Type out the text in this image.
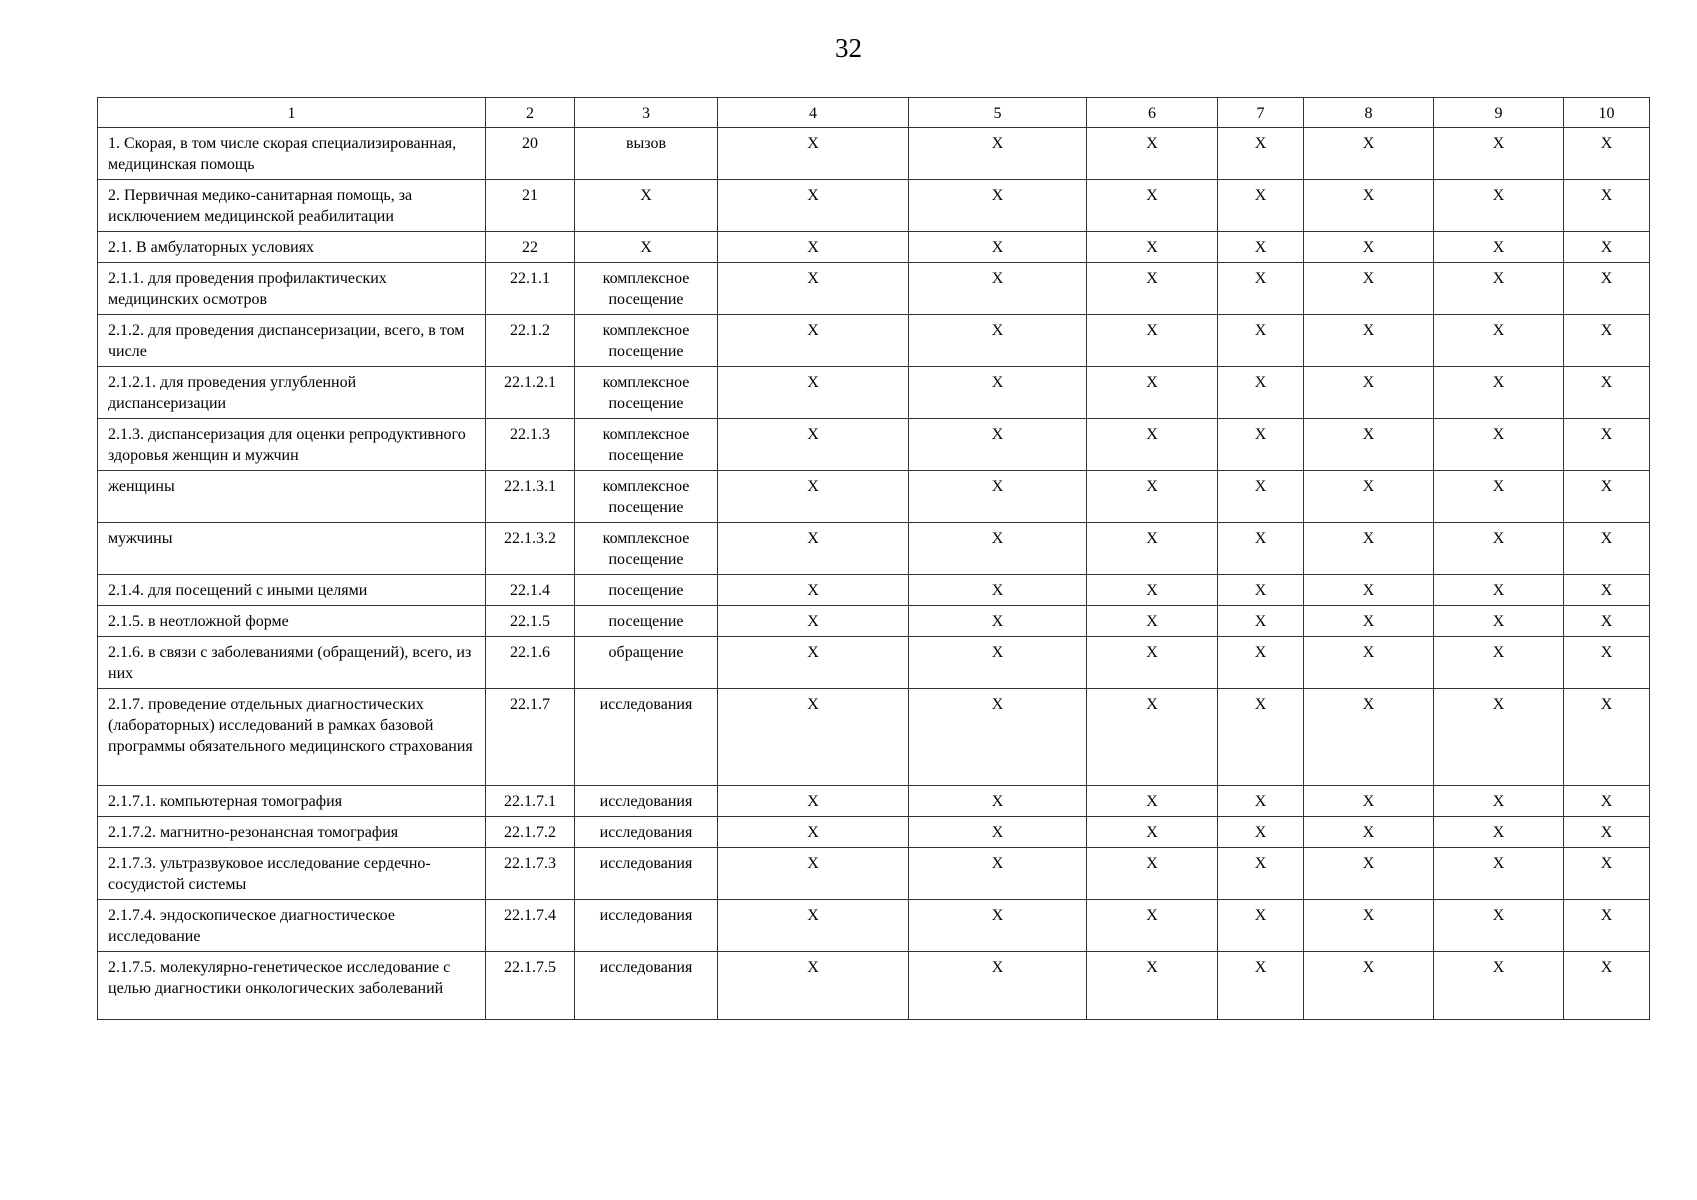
32
1	2	3	4	5	6	7	8	9	10
1. Скорая, в том числе скорая специализированная, медицинская помощь	20	вызов	X	X	X	X	X	X	X
2. Первичная медико-санитарная помощь, за исключением медицинской реабилитации	21	X	X	X	X	X	X	X	X
2.1. В амбулаторных условиях	22	X	X	X	X	X	X	X	X
2.1.1. для проведения профилактических медицинских осмотров	22.1.1	комплексное посещение	X	X	X	X	X	X	X
2.1.2. для проведения диспансеризации, всего, в том числе	22.1.2	комплексное посещение	X	X	X	X	X	X	X
2.1.2.1. для проведения углубленной диспансеризации	22.1.2.1	комплексное посещение	X	X	X	X	X	X	X
2.1.3. диспансеризация для оценки репродуктивного здоровья женщин и мужчин	22.1.3	комплексное посещение	X	X	X	X	X	X	X
женщины	22.1.3.1	комплексное посещение	X	X	X	X	X	X	X
мужчины	22.1.3.2	комплексное посещение	X	X	X	X	X	X	X
2.1.4. для посещений с иными целями	22.1.4	посещение	X	X	X	X	X	X	X
2.1.5. в неотложной форме	22.1.5	посещение	X	X	X	X	X	X	X
2.1.6. в связи с заболеваниями (обращений), всего, из них	22.1.6	обращение	X	X	X	X	X	X	X
2.1.7. проведение отдельных диагностических (лабораторных) исследований в рамках базовой программы обязательного медицинского страхования	22.1.7	исследования	X	X	X	X	X	X	X
2.1.7.1. компьютерная томография	22.1.7.1	исследования	X	X	X	X	X	X	X
2.1.7.2. магнитно-резонансная томография	22.1.7.2	исследования	X	X	X	X	X	X	X
2.1.7.3. ультразвуковое исследование сердечно-сосудистой системы	22.1.7.3	исследования	X	X	X	X	X	X	X
2.1.7.4. эндоскопическое диагностическое исследование	22.1.7.4	исследования	X	X	X	X	X	X	X
2.1.7.5. молекулярно-генетическое исследование с целью диагностики онкологических заболеваний	22.1.7.5	исследования	X	X	X	X	X	X	X
